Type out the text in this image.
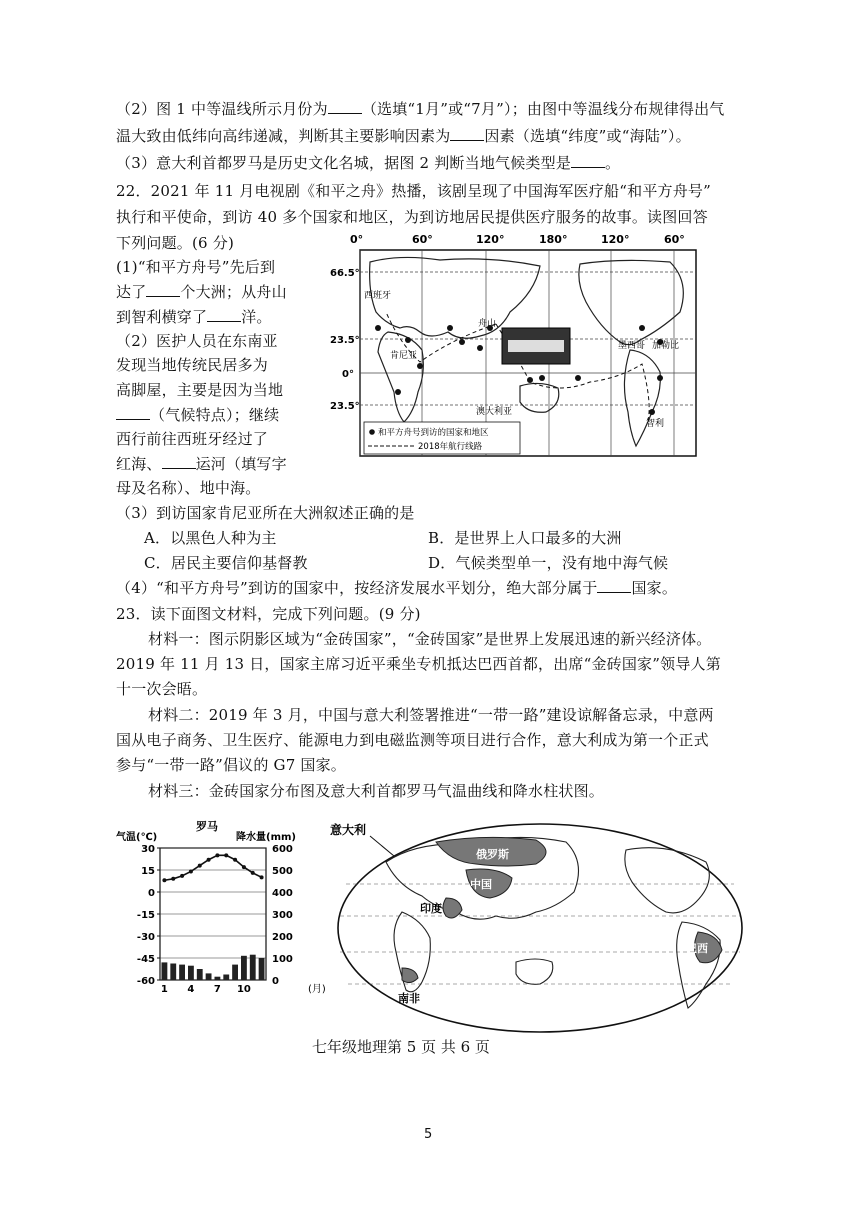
（2）图 1 中等温线所示月份为 （选填“1月”或“7月”）；由图中等温线分布规律得出气
温大致由低纬向高纬递减，判断其主要影响因素为 因素（选填“纬度”或“海陆”）。
（3）意大利首都罗马是历史文化名城，据图 2 判断当地气候类型是 。
22．2021 年 11 月电视剧《和平之舟》热播，该剧呈现了中国海军医疗船“和平方舟号”
执行和平使命，到访 40 多个国家和地区，为到访地居民提供医疗服务的故事。读图回答
下列问题。(6 分)
(1)“和平方舟号”先后到
达了 个大洲；从舟山
到智利横穿了 洋。
（2）医护人员在东南亚
发现当地传统民居多为
高脚屋，主要是因为当地
（气候特点）；继续
西行前往西班牙经过了
红海、 运河（填写字
母及名称）、地中海。
0°	60°	120°	180°	120°	60°
66.5°
23.5°
0°
23.5°
西班牙
舟山
肯尼亚
墨西哥 加勒比
澳大利亚
智利
和平方舟号到访的国家和地区
2018年航行线路
（3）到访国家肯尼亚所在大洲叙述正确的是
A．以黑色人种为主	B．是世界上人口最多的大洲
C．居民主要信仰基督教	D．气候类型单一，没有地中海气候
（4）“和平方舟号”到访的国家中，按经济发展水平划分，绝大部分属于 国家。
23．读下面图文材料，完成下列问题。(9 分)
材料一：图示阴影区域为“金砖国家”，“金砖国家”是世界上发展迅速的新兴经济体。
2019 年 11 月 13 日，国家主席习近平乘坐专机抵达巴西首都，出席“金砖国家”领导人第
十一次会晤。
材料二：2019 年 3 月，中国与意大利签署推进“一带一路”建设谅解备忘录，中意两
国从电子商务、卫生医疗、能源电力到电磁监测等项目进行合作，意大利成为第一个正式
参与“一带一路”倡议的 G7 国家。
材料三：金砖国家分布图及意大利首都罗马气温曲线和降水柱状图。
罗马
气温(℃)	降水量(mm)
30
15
0
-15
-30
-45
-60
600
500
400
300
200
100
0
1 4 7 10	(月)
意大利
俄罗斯
中国
印度
巴西
南非
七年级地理第 5 页 共 6 页
5
